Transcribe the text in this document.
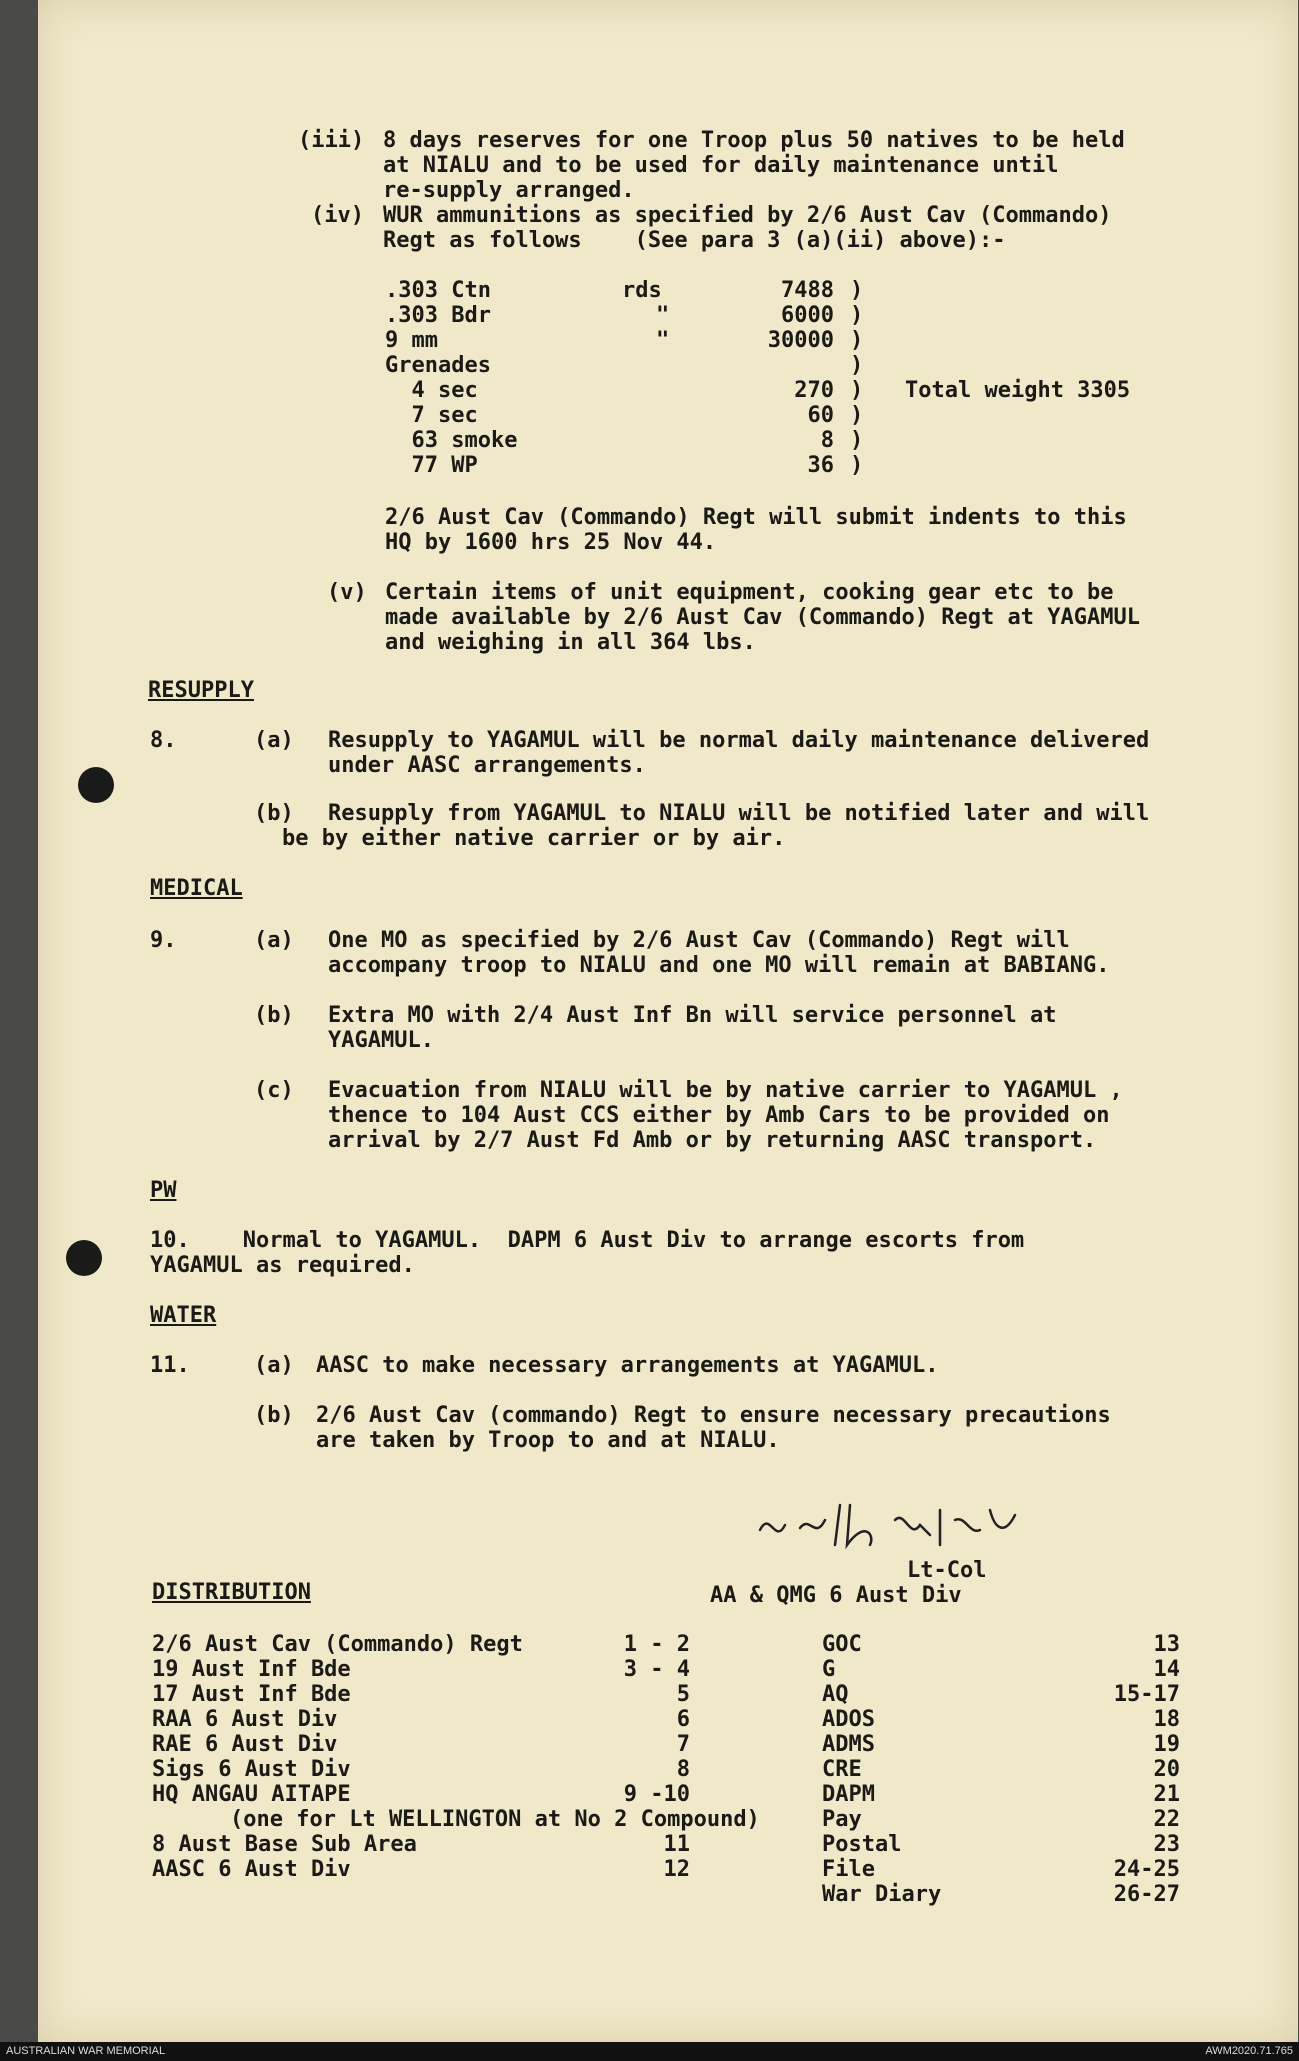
(iii) 8 days reserves for one Troop plus 50 natives to be held
at NIALU and to be used for daily maintenance until
re-supply arranged.
(iv) WUR ammunitions as specified by 2/6 Aust Cav (Commando)
Regt as follows    (See para 3 (a)(ii) above):-
.303 Ctn	rds	7488 )
.303 Bdr	"	6000 )
9 mm	"	30000 )
Grenades	)
4 sec	270 )
7 sec	60 )
63 smoke	8 )
77 WP	36 )
Total weight 3305
2/6 Aust Cav (Commando) Regt will submit indents to this
HQ by 1600 hrs 25 Nov 44.
(v) Certain items of unit equipment, cooking gear etc to be
made available by 2/6 Aust Cav (Commando) Regt at YAGAMUL
and weighing in all 364 lbs.
RESUPPLY
8.	(a) Resupply to YAGAMUL will be normal daily maintenance delivered
under AASC arrangements.
(b) Resupply from YAGAMUL to NIALU will be notified later and will
be by either native carrier or by air.
MEDICAL
9.	(a) One MO as specified by 2/6 Aust Cav (Commando) Regt will
accompany troop to NIALU and one MO will remain at BABIANG.
(b) Extra MO with 2/4 Aust Inf Bn will service personnel at
YAGAMUL.
(c) Evacuation from NIALU will be by native carrier to YAGAMUL ,
thence to 104 Aust CCS either by Amb Cars to be provided on
arrival by 2/7 Aust Fd Amb or by returning AASC transport.
PW
10.    Normal to YAGAMUL.  DAPM 6 Aust Div to arrange escorts from
YAGAMUL as required.
WATER
11.	(a) AASC to make necessary arrangements at YAGAMUL.
(b) 2/6 Aust Cav (commando) Regt to ensure necessary precautions
are taken by Troop to and at NIALU.
Lt-Col
AA & QMG 6 Aust Div
DISTRIBUTION
2/6 Aust Cav (Commando) Regt	1 - 2
19 Aust Inf Bde	3 - 4
17 Aust Inf Bde	5
RAA 6 Aust Div	6
RAE 6 Aust Div	7
Sigs 6 Aust Div	8
HQ ANGAU AITAPE	9 -10
(one for Lt WELLINGTON at No 2 Compound)
8 Aust Base Sub Area	11
AASC 6 Aust Div	12
GOC	13
G	14
AQ	15-17
ADOS	18
ADMS	19
CRE	20
DAPM	21
Pay	22
Postal	23
File	24-25
War Diary	26-27
AUSTRALIAN WAR MEMORIAL	AWM2020.71.765
